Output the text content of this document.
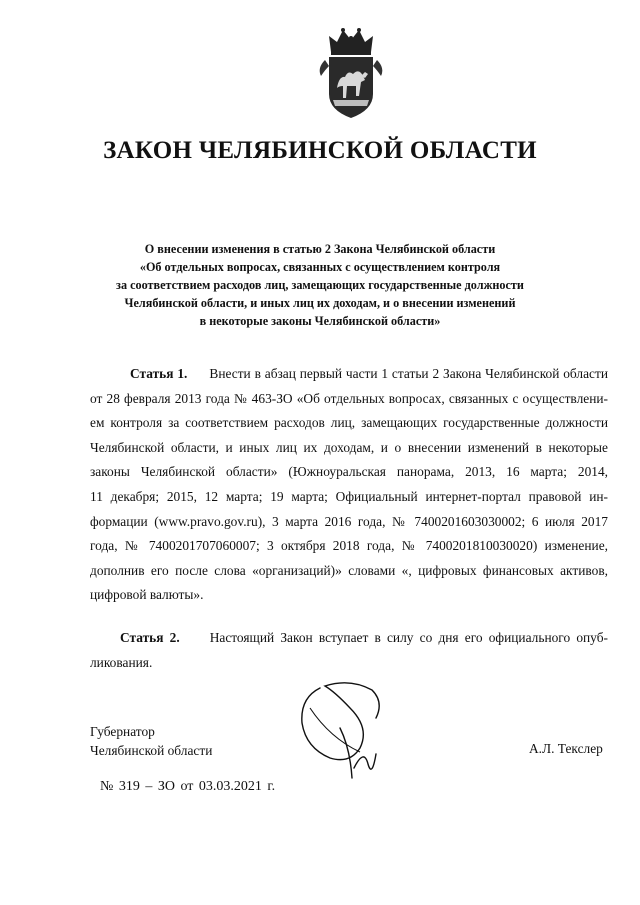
ЗАКОН ЧЕЛЯБИНСКОЙ ОБЛАСТИ
О внесении изменения в статью 2 Закона Челябинской области
«Об отдельных вопросах, связанных с осуществлением контроля
за соответствием расходов лиц, замещающих государственные должности
Челябинской области, и иных лиц их доходам, и о внесении изменений
в некоторые законы Челябинской области»
Статья 1. Внести в абзац первый части 1 статьи 2 Закона Челябинской области
от 28 февраля 2013 года № 463-ЗО «Об отдельных вопросах, связанных с осуществлени-
ем контроля за соответствием расходов лиц, замещающих государственные должности
Челябинской области, и иных лиц их доходам, и о внесении изменений в некоторые
законы Челябинской области» (Южноуральская панорама, 2013, 16 марта; 2014,
11 декабря; 2015, 12 марта; 19 марта; Официальный интернет-портал правовой ин-
формации (www.pravo.gov.ru), 3 марта 2016 года, № 7400201603030002; 6 июля 2017
года, № 7400201707060007; 3 октября 2018 года, № 7400201810030020) изменение,
дополнив его после слова «организаций)» словами «, цифровых финансовых активов,
цифровой валюты».
Статья 2. Настоящий Закон вступает в силу со дня его официального опуб-
ликования.
Губернатор
Челябинской области	А.Л. Текслер
№ 319 – ЗО от 03.03.2021 г.
